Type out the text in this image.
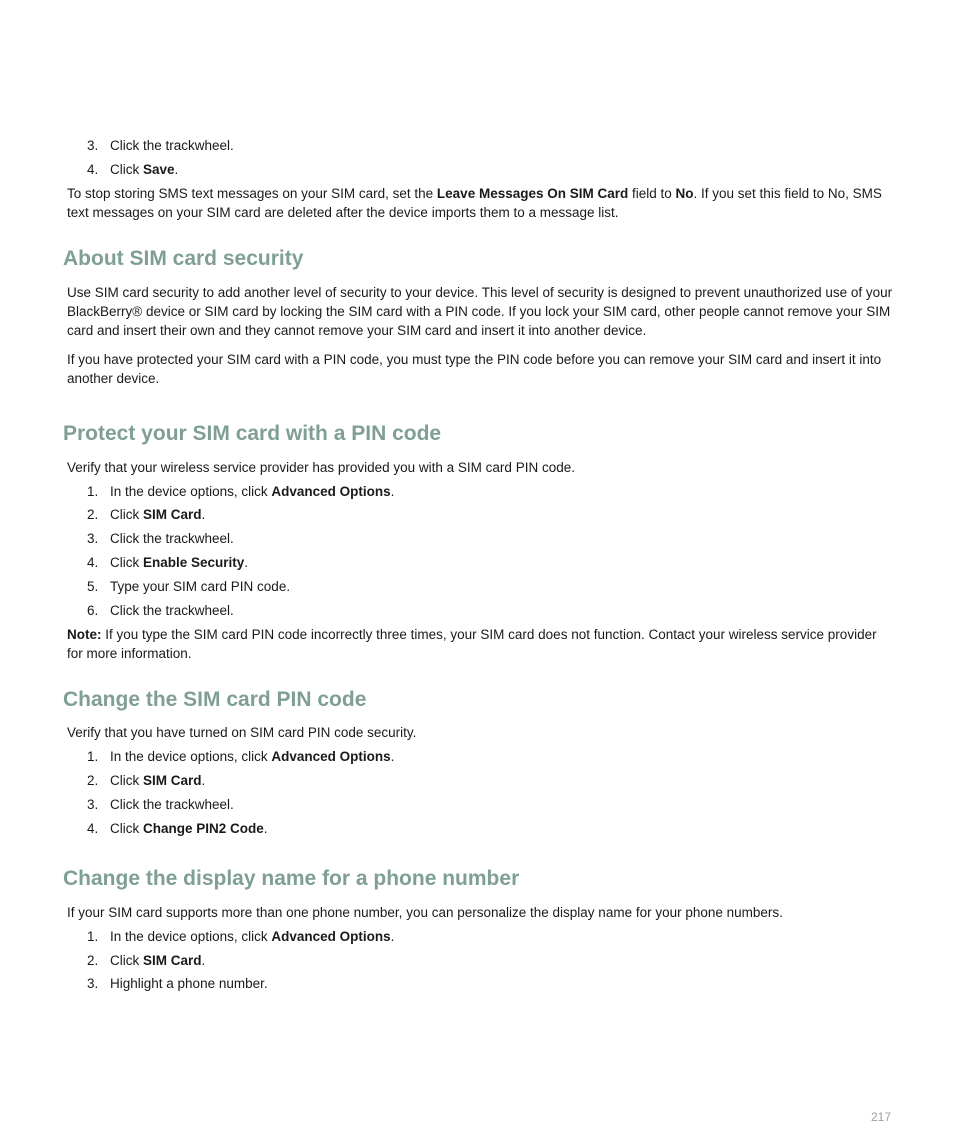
3. Click the trackwheel.
4. Click Save.

To stop storing SMS text messages on your SIM card, set the Leave Messages On SIM Card field to No. If you set this field to No, SMS text messages on your SIM card are deleted after the device imports them to a message list.

About SIM card security

Use SIM card security to add another level of security to your device. This level of security is designed to prevent unauthorized use of your BlackBerry® device or SIM card by locking the SIM card with a PIN code. If you lock your SIM card, other people cannot remove your SIM card and insert their own and they cannot remove your SIM card and insert it into another device.

If you have protected your SIM card with a PIN code, you must type the PIN code before you can remove your SIM card and insert it into another device.

Protect your SIM card with a PIN code

Verify that your wireless service provider has provided you with a SIM card PIN code.

1. In the device options, click Advanced Options.
2. Click SIM Card.
3. Click the trackwheel.
4. Click Enable Security.
5. Type your SIM card PIN code.
6. Click the trackwheel.

Note: If you type the SIM card PIN code incorrectly three times, your SIM card does not function. Contact your wireless service provider for more information.

Change the SIM card PIN code

Verify that you have turned on SIM card PIN code security.

1. In the device options, click Advanced Options.
2. Click SIM Card.
3. Click the trackwheel.
4. Click Change PIN2 Code.
Change the display name for a phone number

If your SIM card supports more than one phone number, you can personalize the display name for your phone numbers.

1. In the device options, click Advanced Options.
2. Click SIM Card.
3. Highlight a phone number.
217
